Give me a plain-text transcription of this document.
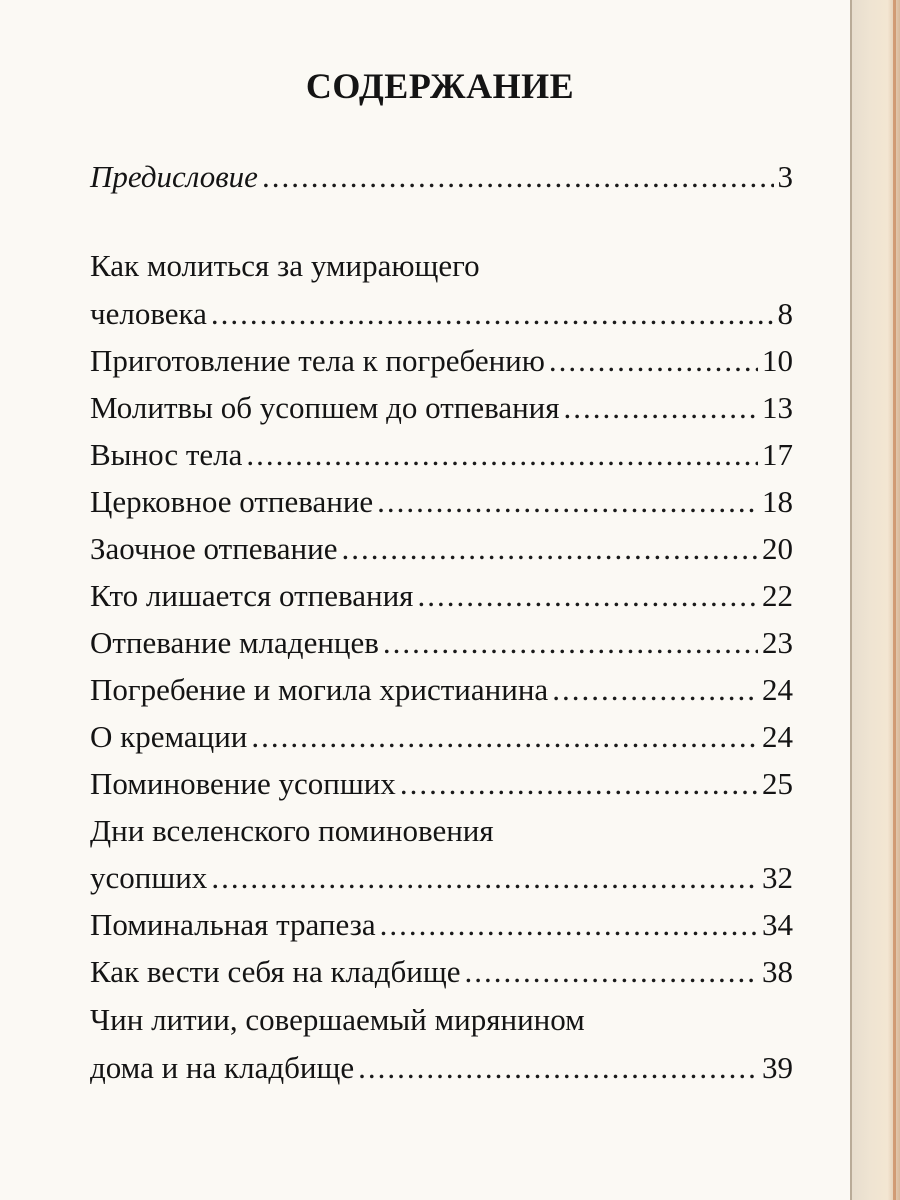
СОДЕРЖАНИЕ
Предисловие .....	3
Как молиться за умирающего
человека .....	8
Приготовление тела к погребению .....	10
Молитвы об усопшем до отпевания .....	13
Вынос тела .....	17
Церковное отпевание .....	18
Заочное отпевание .....	20
Кто лишается отпевания .....	22
Отпевание младенцев .....	23
Погребение и могила христианина .....	24
О кремации .....	24
Поминовение усопших .....	25
Дни вселенского поминовения
усопших .....	32
Поминальная трапеза .....	34
Как вести себя на кладбище .....	38
Чин литии, совершаемый мирянином
дома и на кладбище .....	39
